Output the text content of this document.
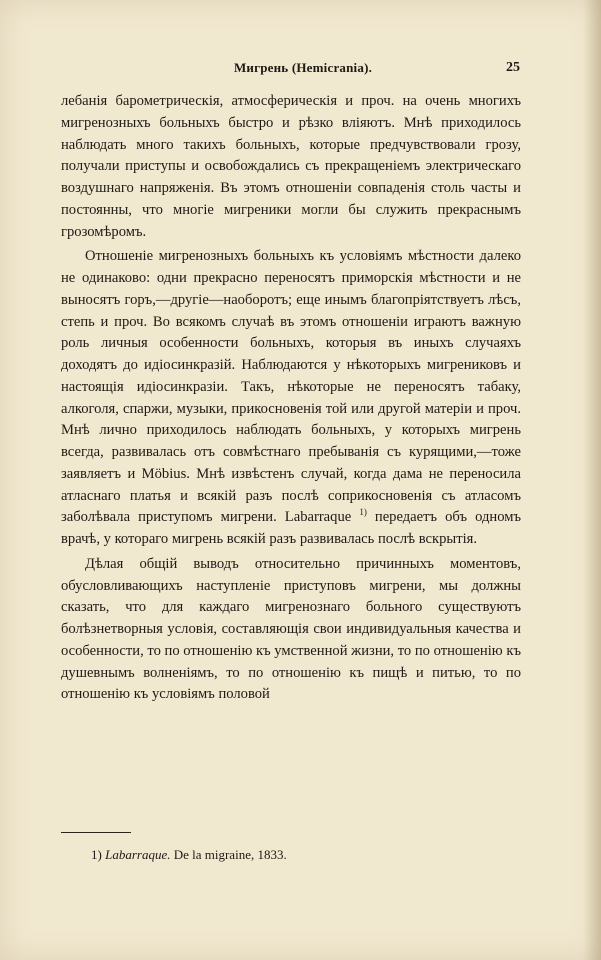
Мигрень (Hemicrania).	25

лебанія барометрическія, атмосферическія и проч. на очень многихъ мигренозныхъ больныхъ быстро и рѣзко вліяютъ. Мнѣ приходилось наблюдать много такихъ больныхъ, которые предчувствовали грозу, получали приступы и освобождались съ прекращеніемъ электрическаго воздушнаго напряженія. Въ этомъ отношеніи совпаденія столь часты и постоянны, что многіе мигреники могли бы служить прекраснымъ грозомѣромъ.

Отношеніе мигренозныхъ больныхъ къ условіямъ мѣстности далеко не одинаково: одни прекрасно переносятъ приморскія мѣстности и не выносятъ горъ,—другіе—наоборотъ; еще инымъ благопріятствуетъ лѣсъ, степь и проч. Во всякомъ случаѣ въ этомъ отношеніи играютъ важную роль личныя особенности больныхъ, которыя въ иныхъ случаяхъ доходятъ до идіосинкразій. Наблюдаются у нѣкоторыхъ мигрениковъ и настоящія идіосинкразіи. Такъ, нѣкоторые не переносятъ табаку, алкоголя, спаржи, музыки, прикосновенія той или другой матеріи и проч. Мнѣ лично приходилось наблюдать больныхъ, у которыхъ мигрень всегда, развивалась отъ совмѣстнаго пребыванія съ курящими,—тоже заявляетъ и Möbius. Мнѣ извѣстенъ случай, когда дама не переносила атласнаго платья и всякій разъ послѣ соприкосновенія съ атласомъ заболѣвала приступомъ мигрени. Labarraque $^{1)}$ передаетъ объ одномъ врачѣ, у котораго мигрень всякій разъ развивалась послѣ вскрытія.

Дѣлая общій выводъ относительно причинныхъ моментовъ, обусловливающихъ наступленіе приступовъ мигрени, мы должны сказать, что для каждаго мигренознаго больного существуютъ болѣзнетворныя условія, составляющія свои индивидуальныя качества и особенности, то по отношенію къ умственной жизни, то по отношенію къ душевнымъ волненіямъ, то по отношенію къ пищѣ и питью, то по отношенію къ условіямъ половой

1) Labarraque. De la migraine, 1833.
